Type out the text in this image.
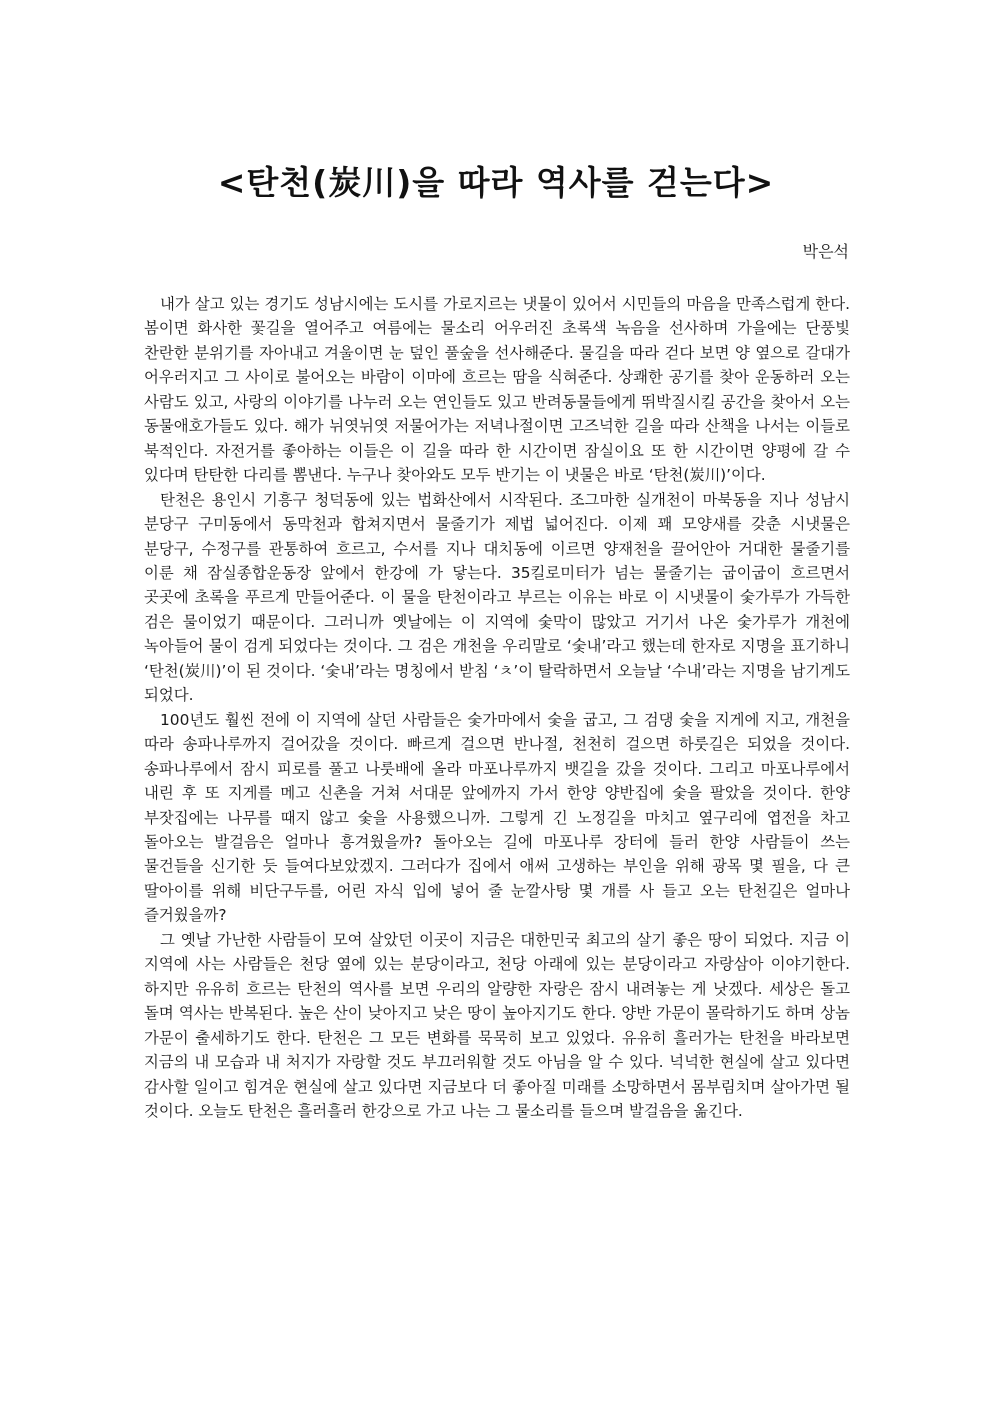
<탄천(炭川)을 따라 역사를 걷는다>

박은석

내가 살고 있는 경기도 성남시에는 도시를 가로지르는 냇물이 있어서 시민들의 마음을 만족스럽게 한다. 봄이면 화사한 꽃길을 열어주고 여름에는 물소리 어우러진 초록색 녹음을 선사하며 가을에는 단풍빛 찬란한 분위기를 자아내고 겨울이면 눈 덮인 풀숲을 선사해준다. 물길을 따라 걷다 보면 양 옆으로 갈대가 어우러지고 그 사이로 불어오는 바람이 이마에 흐르는 땀을 식혀준다. 상쾌한 공기를 찾아 운동하러 오는 사람도 있고, 사랑의 이야기를 나누러 오는 연인들도 있고 반려동물들에게 뛰박질시킬 공간을 찾아서 오는 동물애호가들도 있다. 해가 뉘엿뉘엿 저물어가는 저녁나절이면 고즈넉한 길을 따라 산책을 나서는 이들로 북적인다. 자전거를 좋아하는 이들은 이 길을 따라 한 시간이면 잠실이요 또 한 시간이면 양평에 갈 수 있다며 탄탄한 다리를 뽐낸다. 누구나 찾아와도 모두 반기는 이 냇물은 바로 ‘탄천(炭川)’이다.

탄천은 용인시 기흥구 청덕동에 있는 법화산에서 시작된다. 조그마한 실개천이 마북동을 지나 성남시 분당구 구미동에서 동막천과 합쳐지면서 물줄기가 제법 넓어진다. 이제 꽤 모양새를 갖춘 시냇물은 분당구, 수정구를 관통하여 흐르고, 수서를 지나 대치동에 이르면 양재천을 끌어안아 거대한 물줄기를 이룬 채 잠실종합운동장 앞에서 한강에 가 닿는다. 35킬로미터가 넘는 물줄기는 굽이굽이 흐르면서 곳곳에 초록을 푸르게 만들어준다. 이 물을 탄천이라고 부르는 이유는 바로 이 시냇물이 숯가루가 가득한 검은 물이었기 때문이다. 그러니까 옛날에는 이 지역에 숯막이 많았고 거기서 나온 숯가루가 개천에 녹아들어 물이 검게 되었다는 것이다. 그 검은 개천을 우리말로 ‘숯내’라고 했는데 한자로 지명을 표기하니 ‘탄천(炭川)’이 된 것이다. ‘숯내’라는 명칭에서 받침 ‘ㅊ’이 탈락하면서 오늘날 ‘수내’라는 지명을 남기게도 되었다.

100년도 훨씬 전에 이 지역에 살던 사람들은 숯가마에서 숯을 굽고, 그 검댕 숯을 지게에 지고, 개천을 따라 송파나루까지 걸어갔을 것이다. 빠르게 걸으면 반나절, 천천히 걸으면 하룻길은 되었을 것이다. 송파나루에서 잠시 피로를 풀고 나룻배에 올라 마포나루까지 뱃길을 갔을 것이다. 그리고 마포나루에서 내린 후 또 지게를 메고 신촌을 거쳐 서대문 앞에까지 가서 한양 양반집에 숯을 팔았을 것이다. 한양 부잣집에는 나무를 때지 않고 숯을 사용했으니까. 그렇게 긴 노정길을 마치고 옆구리에 엽전을 차고 돌아오는 발걸음은 얼마나 흥겨웠을까? 돌아오는 길에 마포나루 장터에 들러 한양 사람들이 쓰는 물건들을 신기한 듯 들여다보았겠지. 그러다가 집에서 애써 고생하는 부인을 위해 광목 몇 필을, 다 큰 딸아이를 위해 비단구두를, 어린 자식 입에 넣어 줄 눈깔사탕 몇 개를 사 들고 오는 탄천길은 얼마나 즐거웠을까?

그 옛날 가난한 사람들이 모여 살았던 이곳이 지금은 대한민국 최고의 살기 좋은 땅이 되었다. 지금 이 지역에 사는 사람들은 천당 옆에 있는 분당이라고, 천당 아래에 있는 분당이라고 자랑삼아 이야기한다. 하지만 유유히 흐르는 탄천의 역사를 보면 우리의 알량한 자랑은 잠시 내려놓는 게 낫겠다. 세상은 돌고 돌며 역사는 반복된다. 높은 산이 낮아지고 낮은 땅이 높아지기도 한다. 양반 가문이 몰락하기도 하며 상놈 가문이 출세하기도 한다. 탄천은 그 모든 변화를 묵묵히 보고 있었다. 유유히 흘러가는 탄천을 바라보면 지금의 내 모습과 내 처지가 자랑할 것도 부끄러워할 것도 아님을 알 수 있다. 넉넉한 현실에 살고 있다면 감사할 일이고 힘겨운 현실에 살고 있다면 지금보다 더 좋아질 미래를 소망하면서 몸부림치며 살아가면 될 것이다. 오늘도 탄천은 흘러흘러 한강으로 가고 나는 그 물소리를 들으며 발걸음을 옮긴다.
